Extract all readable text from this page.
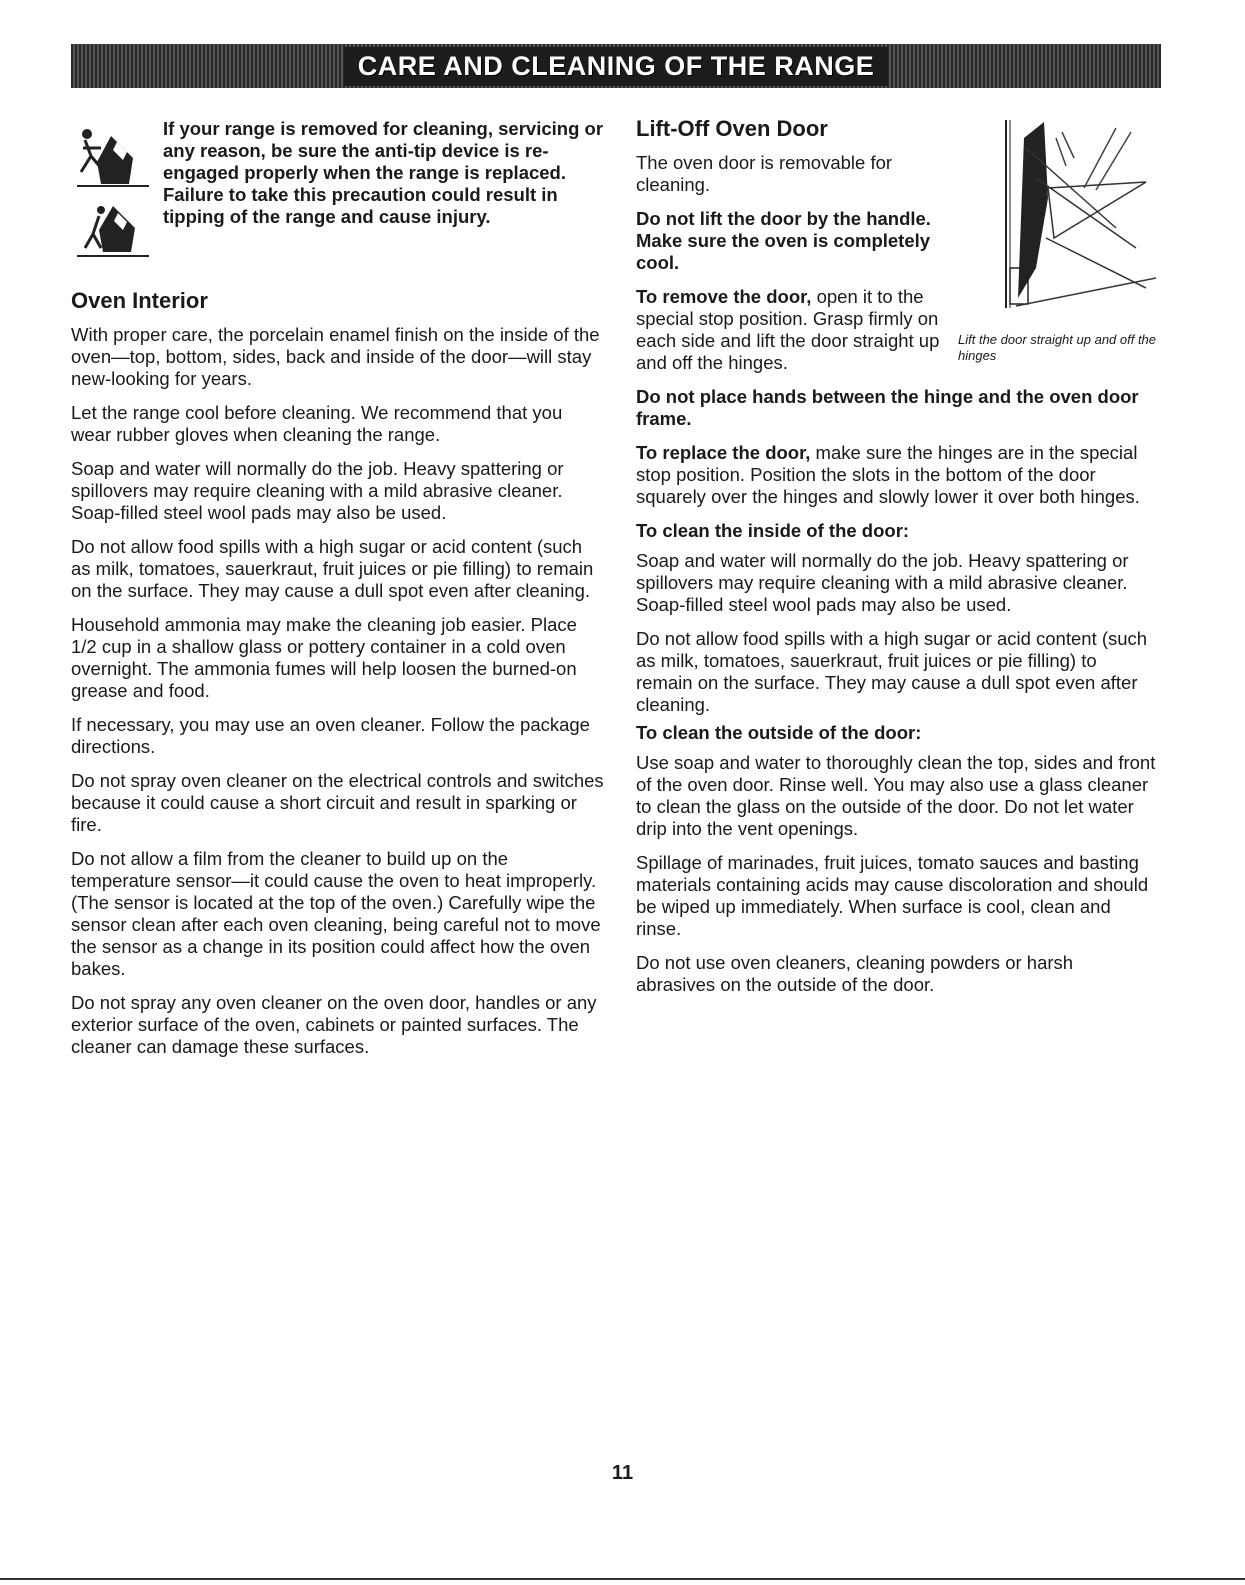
CARE AND CLEANING OF THE RANGE
If your range is removed for cleaning, servicing or any reason, be sure the anti-tip device is re-engaged properly when the range is replaced. Failure to take this precaution could result in tipping of the range and cause injury.
Oven Interior

With proper care, the porcelain enamel finish on the inside of the oven—top, bottom, sides, back and inside of the door—will stay new-looking for years.

Let the range cool before cleaning. We recommend that you wear rubber gloves when cleaning the range.

Soap and water will normally do the job. Heavy spattering or spillovers may require cleaning with a mild abrasive cleaner. Soap-filled steel wool pads may also be used.

Do not allow food spills with a high sugar or acid content (such as milk, tomatoes, sauerkraut, fruit juices or pie filling) to remain on the surface. They may cause a dull spot even after cleaning.

Household ammonia may make the cleaning job easier. Place 1/2 cup in a shallow glass or pottery container in a cold oven overnight. The ammonia fumes will help loosen the burned-on grease and food.

If necessary, you may use an oven cleaner. Follow the package directions.

Do not spray oven cleaner on the electrical controls and switches because it could cause a short circuit and result in sparking or fire.

Do not allow a film from the cleaner to build up on the temperature sensor—it could cause the oven to heat improperly. (The sensor is located at the top of the oven.) Carefully wipe the sensor clean after each oven cleaning, being careful not to move the sensor as a change in its position could affect how the oven bakes.

Do not spray any oven cleaner on the oven door, handles or any exterior surface of the oven, cabinets or painted surfaces. The cleaner can damage these surfaces.

Lift the door straight up and off the hinges
Lift-Off Oven Door

The oven door is removable for cleaning.

Do not lift the door by the handle. Make sure the oven is completely cool.

To remove the door, open it to the special stop position. Grasp firmly on each side and lift the door straight up and off the hinges.

Do not place hands between the hinge and the oven door frame.

To replace the door, make sure the hinges are in the special stop position. Position the slots in the bottom of the door squarely over the hinges and slowly lower it over both hinges.

To clean the inside of the door:

Soap and water will normally do the job. Heavy spattering or spillovers may require cleaning with a mild abrasive cleaner. Soap-filled steel wool pads may also be used.

Do not allow food spills with a high sugar or acid content (such as milk, tomatoes, sauerkraut, fruit juices or pie filling) to remain on the surface. They may cause a dull spot even after cleaning.

To clean the outside of the door:

Use soap and water to thoroughly clean the top, sides and front of the oven door. Rinse well. You may also use a glass cleaner to clean the glass on the outside of the door. Do not let water drip into the vent openings.

Spillage of marinades, fruit juices, tomato sauces and basting materials containing acids may cause discoloration and should be wiped up immediately. When surface is cool, clean and rinse.

Do not use oven cleaners, cleaning powders or harsh abrasives on the outside of the door.

11
